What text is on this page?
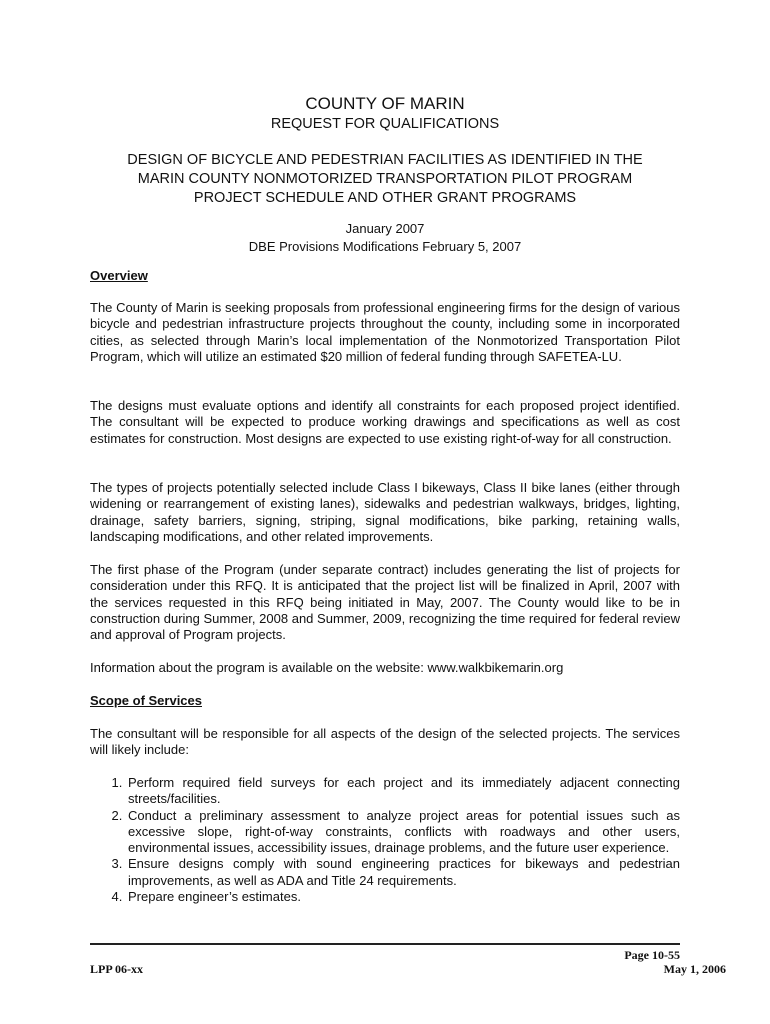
COUNTY OF MARIN
REQUEST FOR QUALIFICATIONS
DESIGN OF BICYCLE AND PEDESTRIAN FACILITIES AS IDENTIFIED IN THE
MARIN COUNTY NONMOTORIZED TRANSPORTATION PILOT PROGRAM
PROJECT SCHEDULE AND OTHER GRANT PROGRAMS
January 2007
DBE Provisions Modifications February 5, 2007
Overview
The County of Marin is seeking proposals from professional engineering firms for the design of various bicycle and pedestrian infrastructure projects throughout the county, including some in incorporated cities, as selected through Marin’s local implementation of the Nonmotorized Transportation Pilot Program, which will utilize an estimated $20 million of federal funding through SAFETEA-LU.
The designs must evaluate options and identify all constraints for each proposed project identified. The consultant will be expected to produce working drawings and specifications as well as cost estimates for construction. Most designs are expected to use existing right-of-way for all construction.
The types of projects potentially selected include Class I bikeways, Class II bike lanes (either through widening or rearrangement of existing lanes), sidewalks and pedestrian walkways, bridges, lighting, drainage, safety barriers, signing, striping, signal modifications, bike parking, retaining walls, landscaping modifications, and other related improvements.
The first phase of the Program (under separate contract) includes generating the list of projects for consideration under this RFQ. It is anticipated that the project list will be finalized in April, 2007 with the services requested in this RFQ being initiated in May, 2007. The County would like to be in construction during Summer, 2008 and Summer, 2009, recognizing the time required for federal review and approval of Program projects.
Information about the program is available on the website: www.walkbikemarin.org
Scope of Services
The consultant will be responsible for all aspects of the design of the selected projects. The services will likely include:
1. Perform required field surveys for each project and its immediately adjacent connecting streets/facilities.
2. Conduct a preliminary assessment to analyze project areas for potential issues such as excessive slope, right-of-way constraints, conflicts with roadways and other users, environmental issues, accessibility issues, drainage problems, and the future user experience.
3. Ensure designs comply with sound engineering practices for bikeways and pedestrian improvements, as well as ADA and Title 24 requirements.
4. Prepare engineer’s estimates.
LPP 06-xx
Page 10-55
May 1, 2006
